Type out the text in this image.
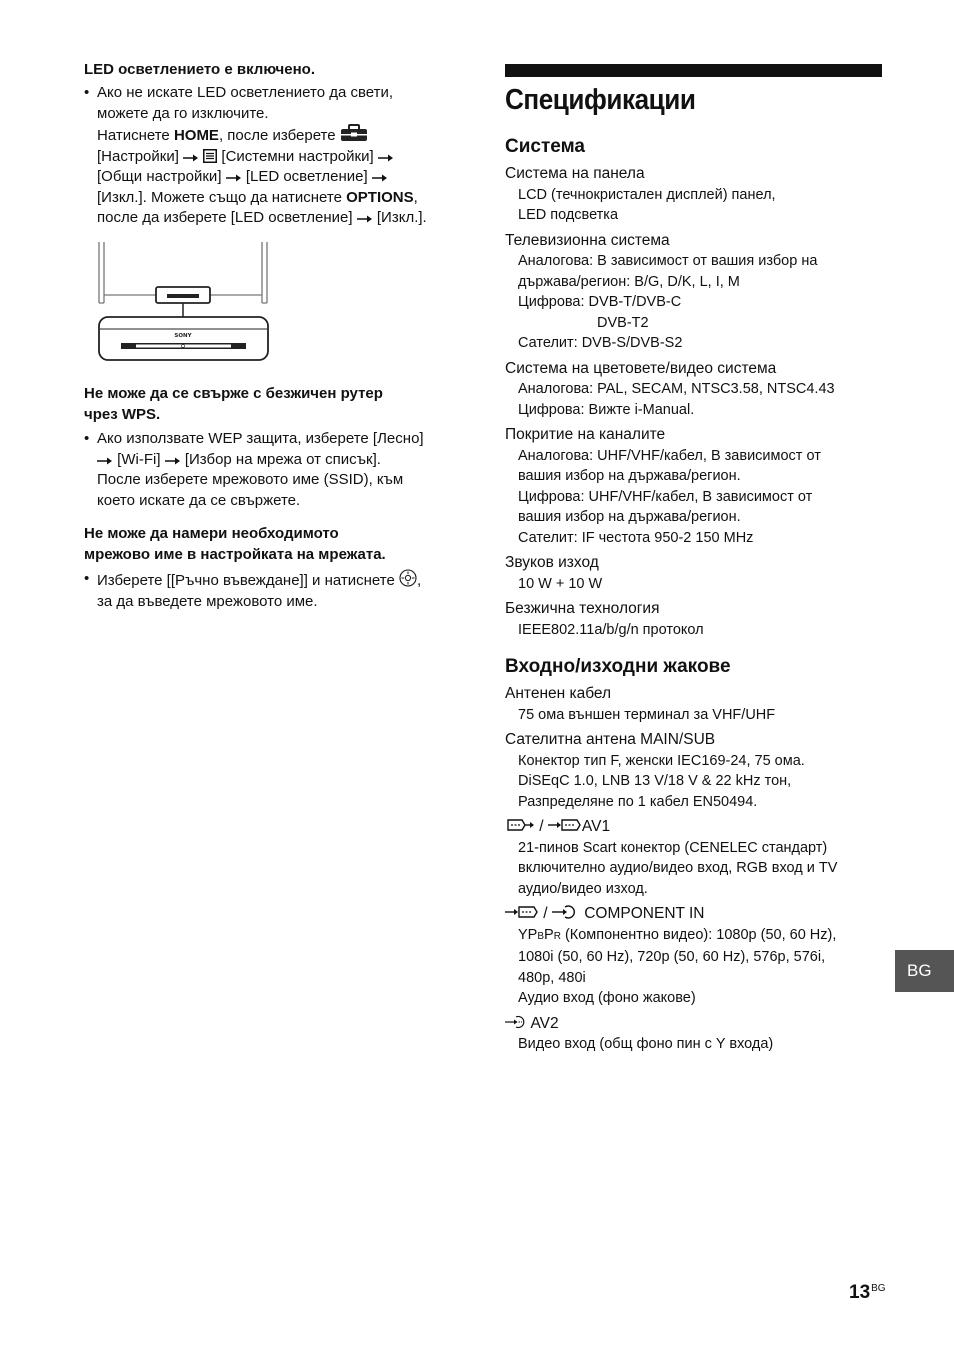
LED осветлението е включено.
• Ако не искате LED осветлението да свети,
можете да го изключите.
Натиснете HOME, после изберете
[Настройки]   [Системни настройки]
[Общи настройки]  [LED осветление]
[Изкл.]. Можете също да натиснете OPTIONS,
после да изберете [LED осветление]  [Изкл.].
SONY
Не може да се свърже с безжичен рутер
чрез WPS.
• Ако използвате WEP защита, изберете [Лесно]
[Wi-Fi]  [Избор на мрежа от списък].
После изберете мрежовото име (SSID), към
което искате да се свържете.
Не може да намери необходимото
мрежово име в настройката на мрежата.
• Изберете [[Ръчно въвеждане]] и натиснете ,
за да въведете мрежовото име.
Спецификации
Система
Система на панела
LCD (течнокристален дисплей) панел,
LED подсветка
Телевизионна система
Аналогова: В зависимост от вашия избор на
държава/регион: B/G, D/K, L, I, M
Цифрова: DVB-T/DVB-C
DVB-T2
Сателит: DVB-S/DVB-S2
Система на цветовете/видео система
Аналогова: PAL, SECAM, NTSC3.58, NTSC4.43
Цифрова: Вижте i-Manual.
Покритие на каналите
Аналогова: UHF/VHF/кабел, В зависимост от
вашия избор на държава/регион.
Цифрова: UHF/VHF/кабел, В зависимост от
вашия избор на държава/регион.
Сателит: IF честота 950-2 150 MHz
Звуков изход
10 W + 10 W
Безжична технология
IEEE802.11a/b/g/n протокол
Входно/изходни жакове
Антенен кабел
75 ома външен терминал за VHF/UHF
Сателитна антена MAIN/SUB
Конектор тип F, женски IEC169-24, 75 ома.
DiSEqC 1.0, LNB 13 V/18 V & 22 kHz тон,
Разпределяне по 1 кабел EN50494.
/ AV1
21-пинов Scart конектор (CENELEC стандарт)
включително аудио/видео вход, RGB вход и TV
аудио/видео изход.
/  COMPONENT IN
YPBPR (Компонентно видео): 1080p (50, 60 Hz),
1080i (50, 60 Hz), 720p (50, 60 Hz), 576p, 576i,
480p, 480i
Аудио вход (фоно жакове)
AV2
Видео вход (общ фоно пин с Y входа)
BG
$13^{BG}$
